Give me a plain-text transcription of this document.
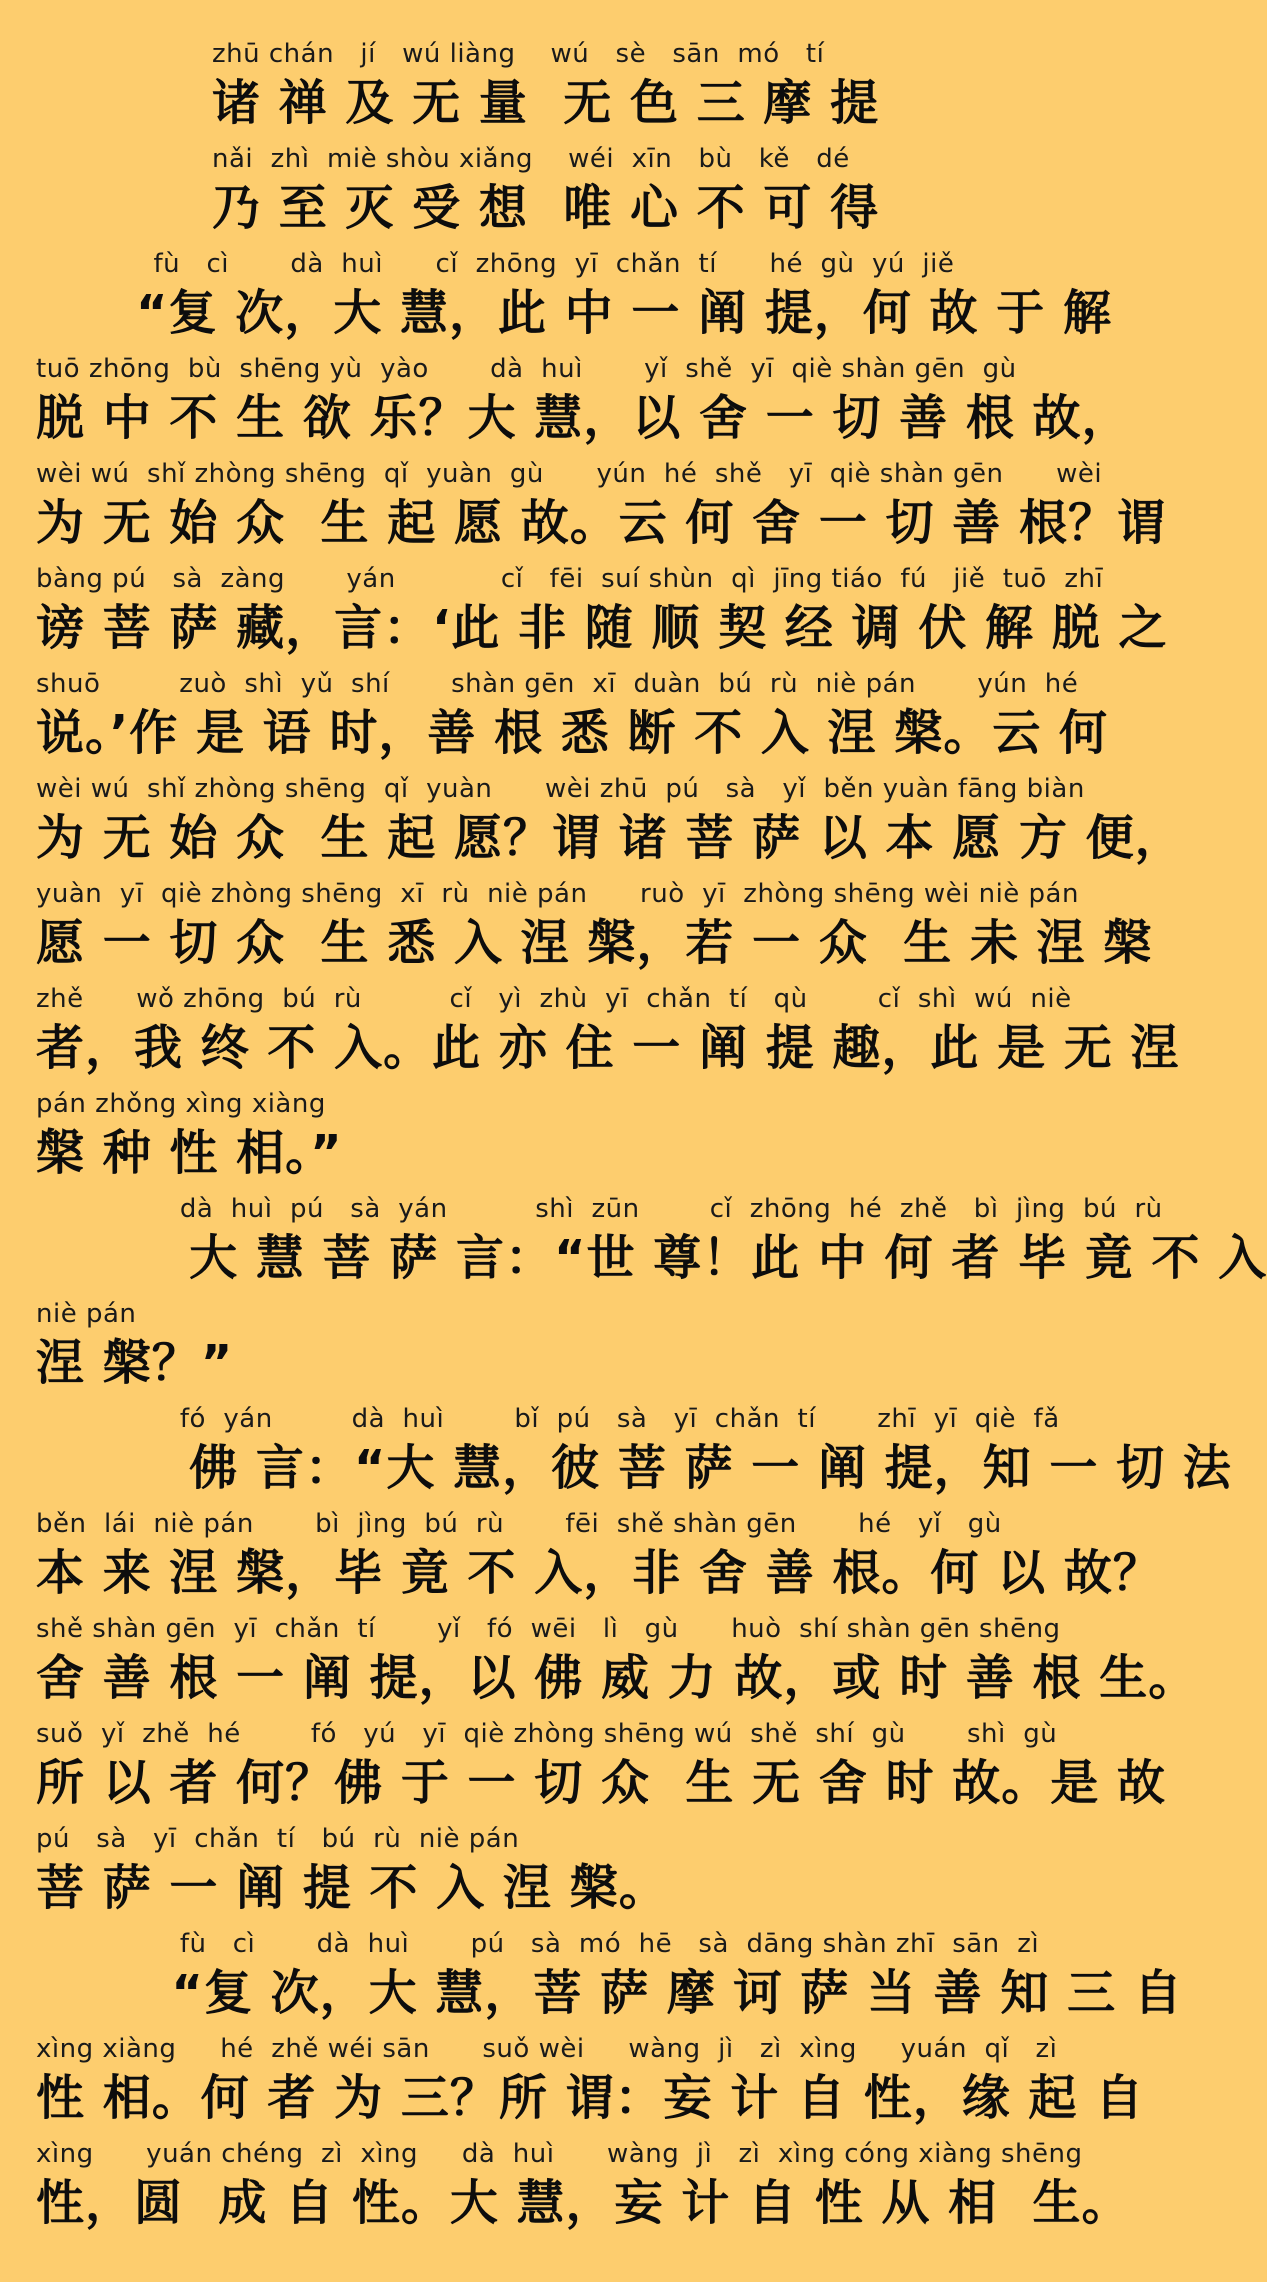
zhū chán   jí   wú liàng    wú   sè   sān  mó   tí
诸 禅 及 无 量  无 色 三 摩 提
nǎi  zhì  miè shòu xiǎng    wéi  xīn   bù   kě   dé
乃 至 灭 受 想  唯 心 不 可 得
fù   cì       dà  huì      cǐ  zhōng  yī  chǎn  tí      hé  gù  yú  jiě
“复 次，大 慧，此 中 一 阐 提，何 故 于 解
tuō zhōng  bù  shēng yù  yào       dà  huì       yǐ  shě  yī  qiè shàn gēn  gù
脱 中 不 生 欲 乐？大 慧，以 舍 一 切 善 根 故，
wèi wú  shǐ zhòng shēng  qǐ  yuàn  gù      yún  hé  shě   yī  qiè shàn gēn      wèi
为 无 始 众  生 起 愿 故。云 何 舍 一 切 善 根？谓
bàng pú   sà  zàng       yán            cǐ   fēi  suí shùn  qì  jīng tiáo  fú   jiě  tuō  zhī
谤 菩 萨 藏，言：‘此 非 随 顺 契 经 调 伏 解 脱 之
shuō         zuò  shì  yǔ  shí       shàn gēn  xī  duàn  bú  rù  niè pán       yún  hé
说。’作 是 语 时，善 根 悉 断 不 入 涅 槃。云 何
wèi wú  shǐ zhòng shēng  qǐ  yuàn      wèi zhū  pú   sà   yǐ  běn yuàn fāng biàn
为 无 始 众  生 起 愿？谓 诸 菩 萨 以 本 愿 方 便，
yuàn  yī  qiè zhòng shēng  xī  rù  niè pán      ruò  yī  zhòng shēng wèi niè pán
愿 一 切 众  生 悉 入 涅 槃，若 一 众  生 未 涅 槃
zhě      wǒ zhōng  bú  rù          cǐ   yì  zhù  yī  chǎn  tí   qù        cǐ  shì  wú  niè
者，我 终 不 入。此 亦 住 一 阐 提 趣，此 是 无 涅
pán zhǒng xìng xiàng
槃 种 性 相。”
dà  huì  pú   sà  yán          shì  zūn        cǐ  zhōng  hé  zhě   bì  jìng  bú  rù
大 慧 菩 萨 言：“世 尊！此 中 何 者 毕 竟 不 入
niè pán
涅 槃？”
fó  yán         dà  huì        bǐ  pú   sà   yī  chǎn  tí       zhī  yī  qiè  fǎ
佛 言：“大 慧，彼 菩 萨 一 阐 提，知 一 切 法
běn  lái  niè pán       bì  jìng  bú  rù       fēi  shě shàn gēn       hé   yǐ   gù
本 来 涅 槃，毕 竟 不 入，非 舍 善 根。何 以 故？
shě shàn gēn  yī  chǎn  tí       yǐ   fó  wēi   lì   gù      huò  shí shàn gēn shēng
舍 善 根 一 阐 提，以 佛 威 力 故，或 时 善 根 生。
suǒ  yǐ  zhě  hé        fó   yú   yī  qiè zhòng shēng wú  shě  shí  gù       shì  gù
所 以 者 何？佛 于 一 切 众  生 无 舍 时 故。是 故
pú   sà   yī  chǎn  tí   bú  rù  niè pán
菩 萨 一 阐 提 不 入 涅 槃。
fù   cì       dà  huì       pú   sà  mó  hē   sà  dāng shàn zhī  sān  zì
“复 次，大 慧，菩 萨 摩 诃 萨 当 善 知 三 自
xìng xiàng     hé  zhě wéi sān      suǒ wèi     wàng  jì   zì  xìng     yuán  qǐ   zì
性 相。何 者 为 三？所 谓：妄 计 自 性，缘 起 自
xìng      yuán chéng  zì  xìng     dà  huì      wàng  jì   zì  xìng cóng xiàng shēng
性，圆  成 自 性。大 慧，妄 计 自 性 从 相  生。
